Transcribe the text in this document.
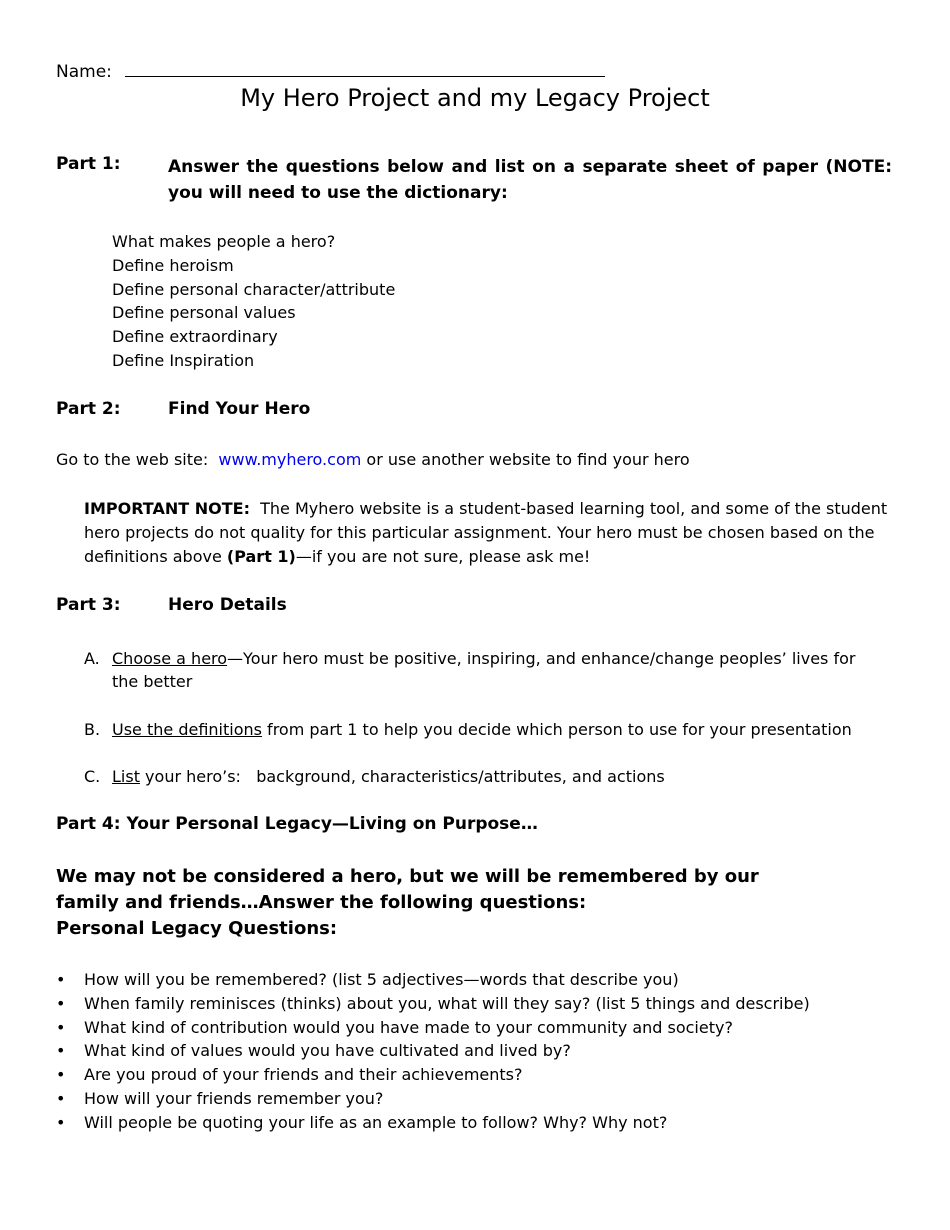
Name:
My Hero Project and my Legacy Project
Part 1:	Answer the questions below and list on a separate sheet of paper (NOTE: you will need to use the dictionary:
What makes people a hero?
Define heroism
Define personal character/attribute
Define personal values
Define extraordinary
Define Inspiration
Part 2:	Find Your Hero
Go to the web site:  www.myhero.com or use another website to find your hero
IMPORTANT NOTE:  The Myhero website is a student-based learning tool, and some of the student hero projects do not quality for this particular assignment. Your hero must be chosen based on the definitions above (Part 1)—if you are not sure, please ask me!
Part 3:	Hero Details
A. Choose a hero—Your hero must be positive, inspiring, and enhance/change peoples’ lives for the better
B. Use the definitions from part 1 to help you decide which person to use for your presentation
C. List your hero’s:   background, characteristics/attributes, and actions
Part 4: Your Personal Legacy—Living on Purpose…
We may not be considered a hero, but we will be remembered by our family and friends…Answer the following questions:
Personal Legacy Questions:
• How will you be remembered? (list 5 adjectives—words that describe you)
• When family reminisces (thinks) about you, what will they say? (list 5 things and describe)
• What kind of contribution would you have made to your community and society?
• What kind of values would you have cultivated and lived by?
• Are you proud of your friends and their achievements?
• How will your friends remember you?
• Will people be quoting your life as an example to follow? Why? Why not?
